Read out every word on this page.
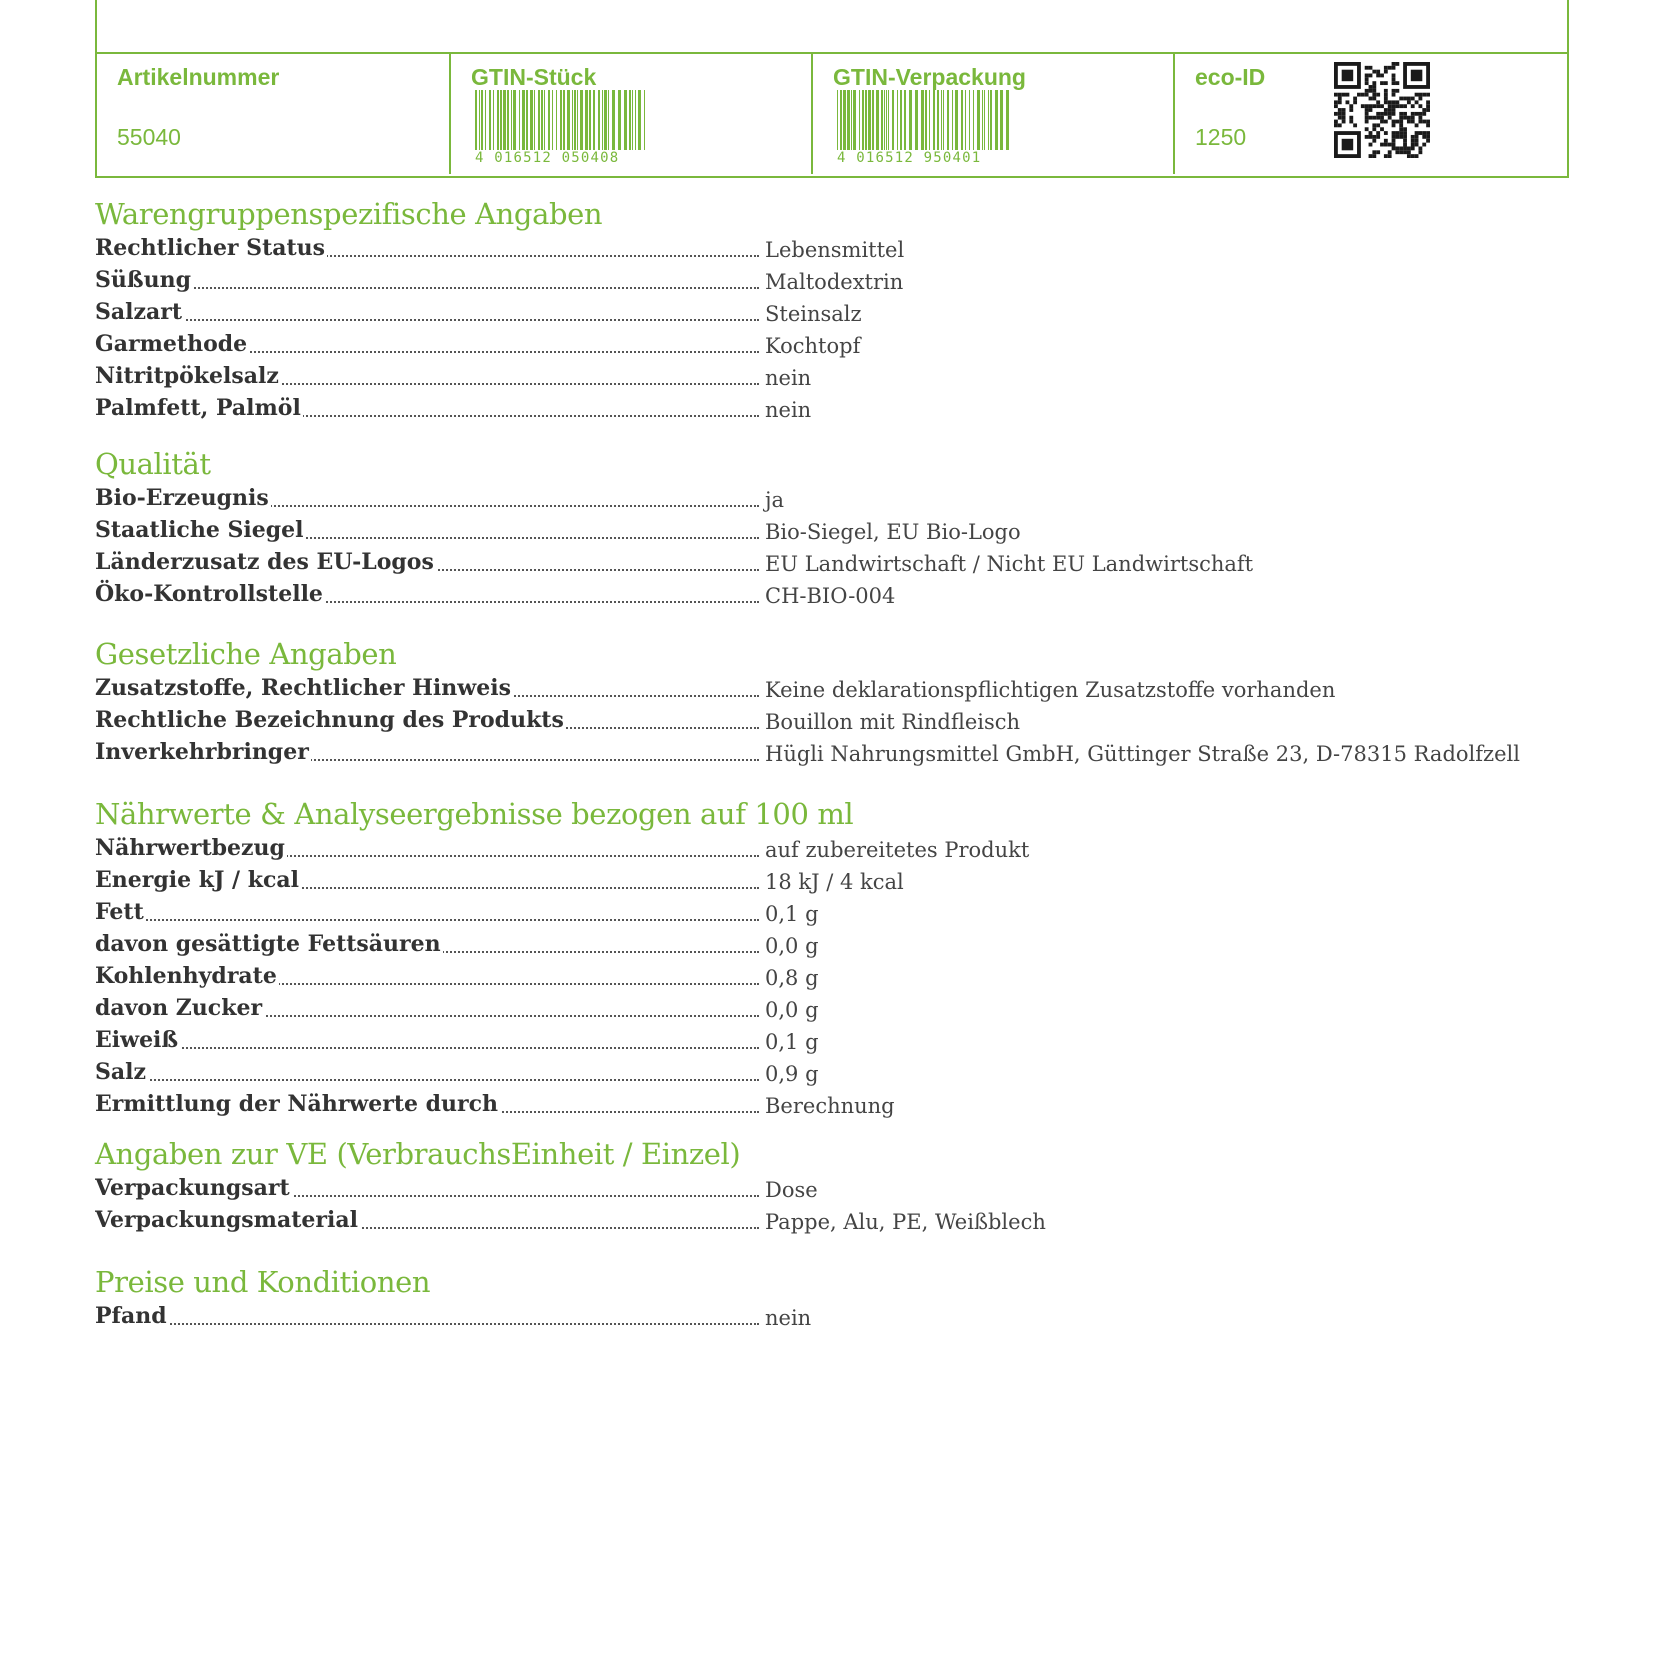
Artikelnummer
55040
GTIN-Stück
4 016512 050408
GTIN-Verpackung
4 016512 950401
eco-ID
1250
Warengruppenspezifische Angaben
Rechtlicher Status	Lebensmittel
Süßung	Maltodextrin
Salzart	Steinsalz
Garmethode	Kochtopf
Nitritpökelsalz	nein
Palmfett, Palmöl	nein
Qualität
Bio-Erzeugnis	ja
Staatliche Siegel	Bio-Siegel, EU Bio-Logo
Länderzusatz des EU-Logos	EU Landwirtschaft / Nicht EU Landwirtschaft
Öko-Kontrollstelle	CH-BIO-004
Gesetzliche Angaben
Zusatzstoffe, Rechtlicher Hinweis	Keine deklarationspflichtigen Zusatzstoffe vorhanden
Rechtliche Bezeichnung des Produkts	Bouillon mit Rindfleisch
Inverkehrbringer	Hügli Nahrungsmittel GmbH, Güttinger Straße 23, D-78315 Radolfzell
Nährwerte & Analyseergebnisse bezogen auf 100 ml
Nährwertbezug	auf zubereitetes Produkt
Energie kJ / kcal	18 kJ / 4 kcal
Fett	0,1 g
davon gesättigte Fettsäuren	0,0 g
Kohlenhydrate	0,8 g
davon Zucker	0,0 g
Eiweiß	0,1 g
Salz	0,9 g
Ermittlung der Nährwerte durch	Berechnung
Angaben zur VE (VerbrauchsEinheit / Einzel)
Verpackungsart	Dose
Verpackungsmaterial	Pappe, Alu, PE, Weißblech
Preise und Konditionen
Pfand	nein
